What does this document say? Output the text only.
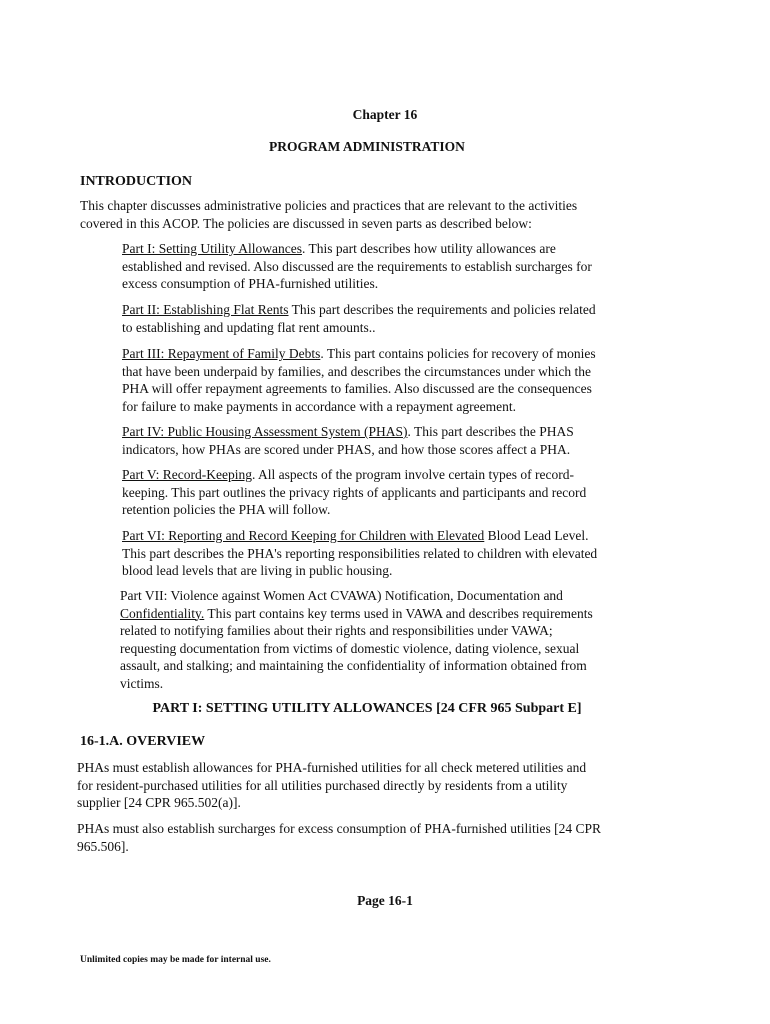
Chapter 16
PROGRAM ADMINISTRATION
INTRODUCTION
This chapter discusses administrative policies and practices that are relevant to the activities
covered in this ACOP. The policies are discussed in seven parts as described below:
Part I: Setting Utility Allowances. This part describes how utility allowances are
established and revised. Also discussed are the requirements to establish surcharges for
excess consumption of PHA-furnished utilities.
Part II: Establishing Flat Rents This part describes the requirements and policies related
to establishing and updating flat rent amounts..
Part III: Repayment of Family Debts. This part contains policies for recovery of monies
that have been underpaid by families, and describes the circumstances under which the
PHA will offer repayment agreements to families. Also discussed are the consequences
for failure to make payments in accordance with a repayment agreement.
Part IV: Public Housing Assessment System (PHAS). This part describes the PHAS
indicators, how PHAs are scored under PHAS, and how those scores affect a PHA.
Part V: Record-Keeping. All aspects of the program involve certain types of record-
keeping. This part outlines the privacy rights of applicants and participants and record
retention policies the PHA will follow.
Part VI: Reporting and Record Keeping for Children with Elevated Blood Lead Level.
This part describes the PHA's reporting responsibilities related to children with elevated
blood lead levels that are living in public housing.
Part VII: Violence against Women Act CVAWA) Notification, Documentation and
Confidentiality. This part contains key terms used in VAWA and describes requirements
related to notifying families about their rights and responsibilities under VAWA;
requesting documentation from victims of domestic violence, dating violence, sexual
assault, and stalking; and maintaining the confidentiality of information obtained from
victims.
PART I: SETTING UTILITY ALLOWANCES [24 CFR 965 Subpart E]
16-1.A. OVERVIEW
PHAs must establish allowances for PHA-furnished utilities for all check metered utilities and
for resident-purchased utilities for all utilities purchased directly by residents from a utility
supplier [24 CPR 965.502(a)].
PHAs must also establish surcharges for excess consumption of PHA-furnished utilities [24 CPR
965.506].
Page 16-1
Unlimited copies may be made for internal use.
